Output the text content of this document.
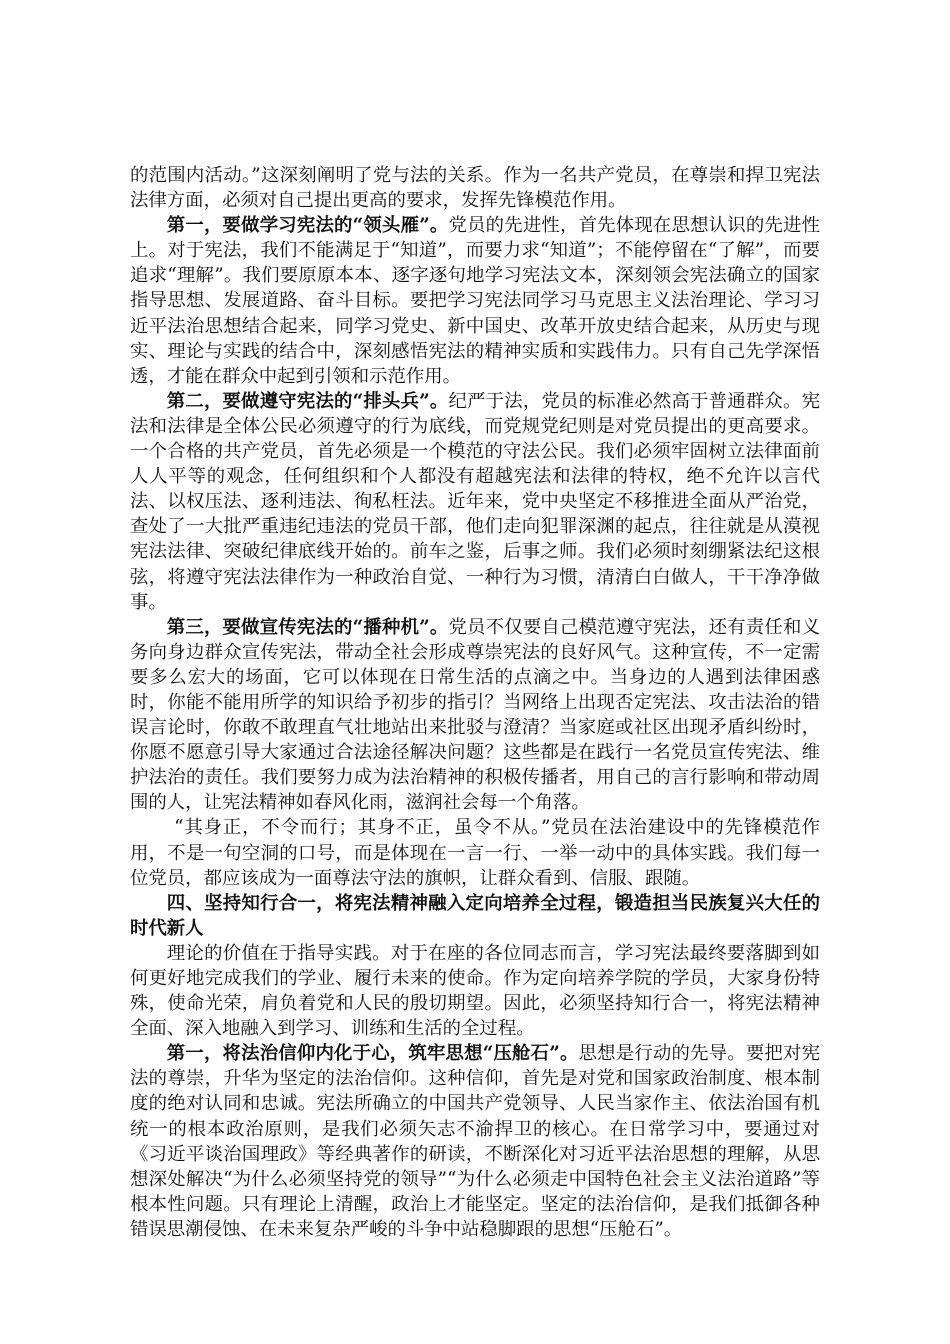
的范围内活动。”这深刻阐明了党与法的关系。作为一名共产党员，在尊崇和捍卫宪法法律方面，必须对自己提出更高的要求，发挥先锋模范作用。

第一，要做学习宪法的“领头雁”。党员的先进性，首先体现在思想认识的先进性上。对于宪法，我们不能满足于“知道”，而要力求“知道”；不能停留在“了解”，而要追求“理解”。我们要原原本本、逐字逐句地学习宪法文本，深刻领会宪法确立的国家指导思想、发展道路、奋斗目标。要把学习宪法同学习马克思主义法治理论、学习习近平法治思想结合起来，同学习党史、新中国史、改革开放史结合起来，从历史与现实、理论与实践的结合中，深刻感悟宪法的精神实质和实践伟力。只有自己先学深悟透，才能在群众中起到引领和示范作用。

第二，要做遵守宪法的“排头兵”。纪严于法，党员的标准必然高于普通群众。宪法和法律是全体公民必须遵守的行为底线，而党规党纪则是对党员提出的更高要求。一个合格的共产党员，首先必须是一个模范的守法公民。我们必须牢固树立法律面前人人平等的观念，任何组织和个人都没有超越宪法和法律的特权，绝不允许以言代法、以权压法、逐利违法、徇私枉法。近年来，党中央坚定不移推进全面从严治党，查处了一大批严重违纪违法的党员干部，他们走向犯罪深渊的起点，往往就是从漠视宪法法律、突破纪律底线开始的。前车之鉴，后事之师。我们必须时刻绷紧法纪这根弦，将遵守宪法法律作为一种政治自觉、一种行为习惯，清清白白做人，干干净净做事。

第三，要做宣传宪法的“播种机”。党员不仅要自己模范遵守宪法，还有责任和义务向身边群众宣传宪法，带动全社会形成尊崇宪法的良好风气。这种宣传，不一定需要多么宏大的场面，它可以体现在日常生活的点滴之中。当身边的人遇到法律困惑时，你能不能用所学的知识给予初步的指引？当网络上出现否定宪法、攻击法治的错误言论时，你敢不敢理直气壮地站出来批驳与澄清？当家庭或社区出现矛盾纠纷时，你愿不愿意引导大家通过合法途径解决问题？这些都是在践行一名党员宣传宪法、维护法治的责任。我们要努力成为法治精神的积极传播者，用自己的言行影响和带动周围的人，让宪法精神如春风化雨，滋润社会每一个角落。

“其身正，不令而行；其身不正，虽令不从。”党员在法治建设中的先锋模范作用，不是一句空洞的口号，而是体现在一言一行、一举一动中的具体实践。我们每一位党员，都应该成为一面尊法守法的旗帜，让群众看到、信服、跟随。

四、坚持知行合一，将宪法精神融入定向培养全过程，锻造担当民族复兴大任的时代新人

理论的价值在于指导实践。对于在座的各位同志而言，学习宪法最终要落脚到如何更好地完成我们的学业、履行未来的使命。作为定向培养学院的学员，大家身份特殊，使命光荣，肩负着党和人民的殷切期望。因此，必须坚持知行合一，将宪法精神全面、深入地融入到学习、训练和生活的全过程。

第一，将法治信仰内化于心，筑牢思想“压舱石”。思想是行动的先导。要把对宪法的尊崇，升华为坚定的法治信仰。这种信仰，首先是对党和国家政治制度、根本制度的绝对认同和忠诚。宪法所确立的中国共产党领导、人民当家作主、依法治国有机统一的根本政治原则，是我们必须矢志不渝捍卫的核心。在日常学习中，要通过对《习近平谈治国理政》等经典著作的研读，不断深化对习近平法治思想的理解，从思想深处解决“为什么必须坚持党的领导”“为什么必须走中国特色社会主义法治道路”等根本性问题。只有理论上清醒，政治上才能坚定。坚定的法治信仰，是我们抵御各种错误思潮侵蚀、在未来复杂严峻的斗争中站稳脚跟的思想“压舱石”。
